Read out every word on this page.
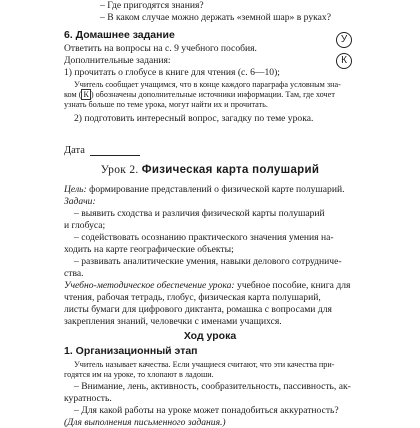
– Где пригодятся знания?
– В каком случае можно держать «земной шар» в руках?
6. Домашнее задание
Ответить на вопросы на с. 9 учебного пособия.
Дополнительные задания:
1) прочитать о глобусе в книге для чтения (с. 6—10);
У
К
Учитель сообщает учащимся, что в конце каждого параграфа условным зна-
ком ( К ) обозначены дополнительные источники информации. Там, где хочет
узнать больше по теме урока, могут найти их и прочитать.
2) подготовить интересный вопрос, загадку по теме урока.
Дата
Урок 2. Физическая карта полушарий
Цель: формирование представлений о физической карте полушарий.
Задачи:
– выявить сходства и различия физической карты полушарий
и глобуса;
– содействовать осознанию практического значения умения на-
ходить на карте географические объекты;
– развивать аналитические умения, навыки делового сотрудниче-
ства.
Учебно-методическое обеспечение урока: учебное пособие, книга для
чтения, рабочая тетрадь, глобус, физическая карта полушарий,
листы бумаги для цифрового диктанта, ромашка с вопросами для
закрепления знаний, человечки с именами учащихся.
Ход урока
1. Организационный этап
Учитель называет качества. Если учащиеся считают, что эти качества при-
годятся им на уроке, то хлопают в ладоши.
– Внимание, лень, активность, сообразительность, пассивность, ак-
куратность.
– Для какой работы на уроке может понадобиться аккуратность?
(Для выполнения письменного задания.)
